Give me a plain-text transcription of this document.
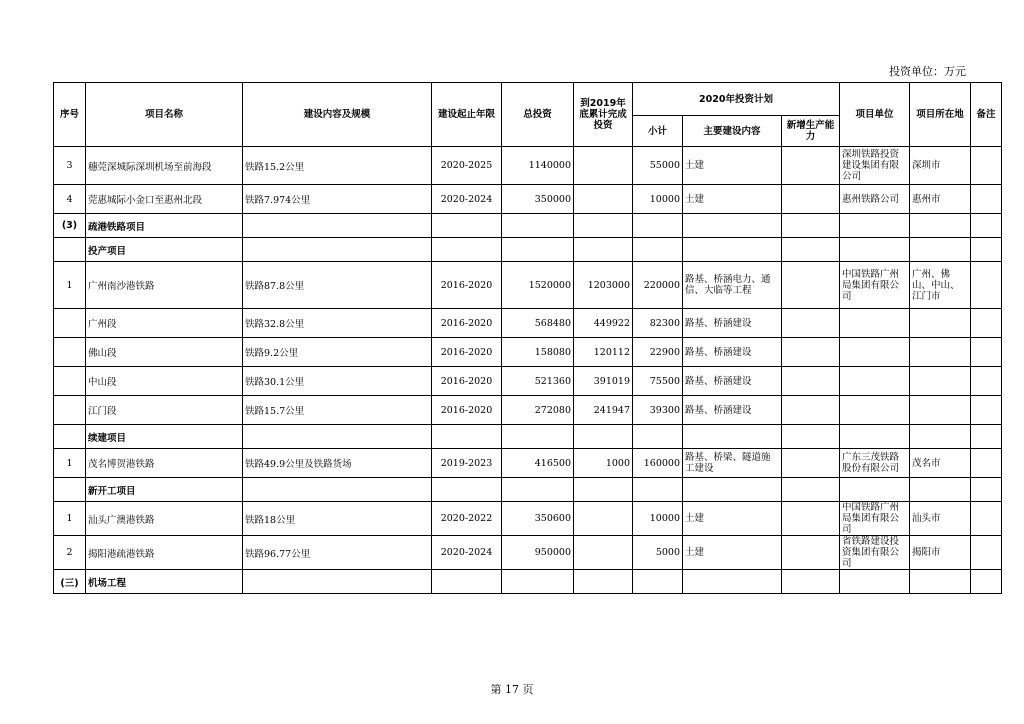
投资单位：万元
序号	项目名称	建设内容及规模	建设起止年限	总投资	到2019年底累计完成投资	2020年投资计划			项目单位	项目所在地	备注
						小计	主要建设内容	新增生产能力			
3	穗莞深城际深圳机场至前海段	铁路15.2公里	2020-2025	1140000		55000	土建		深圳铁路投资建设集团有限公司	深圳市	
4	莞惠城际小金口至惠州北段	铁路7.974公里	2020-2024	350000		10000	土建		惠州铁路公司	惠州市	
(3)	疏港铁路项目										
	投产项目										
1	广州南沙港铁路	铁路87.8公里	2016-2020	1520000	1203000	220000	路基、桥涵电力、通信、大临等工程		中国铁路广州局集团有限公司	广州、佛山、中山、江门市	
	广州段	铁路32.8公里	2016-2020	568480	449922	82300	路基、桥涵建设				
	佛山段	铁路9.2公里	2016-2020	158080	120112	22900	路基、桥涵建设				
	中山段	铁路30.1公里	2016-2020	521360	391019	75500	路基、桥涵建设				
	江门段	铁路15.7公里	2016-2020	272080	241947	39300	路基、桥涵建设				
	续建项目										
1	茂名博贺港铁路	铁路49.9公里及铁路货场	2019-2023	416500	1000	160000	路基、桥梁、隧道施工建设		广东三茂铁路股份有限公司	茂名市	
	新开工项目										
1	汕头广澳港铁路	铁路18公里	2020-2022	350600		10000	土建		中国铁路广州局集团有限公司	汕头市	
2	揭阳港疏港铁路	铁路96.77公里	2020-2024	950000		5000	土建		省铁路建设投资集团有限公司	揭阳市	
(三)	机场工程										
第 17 页
